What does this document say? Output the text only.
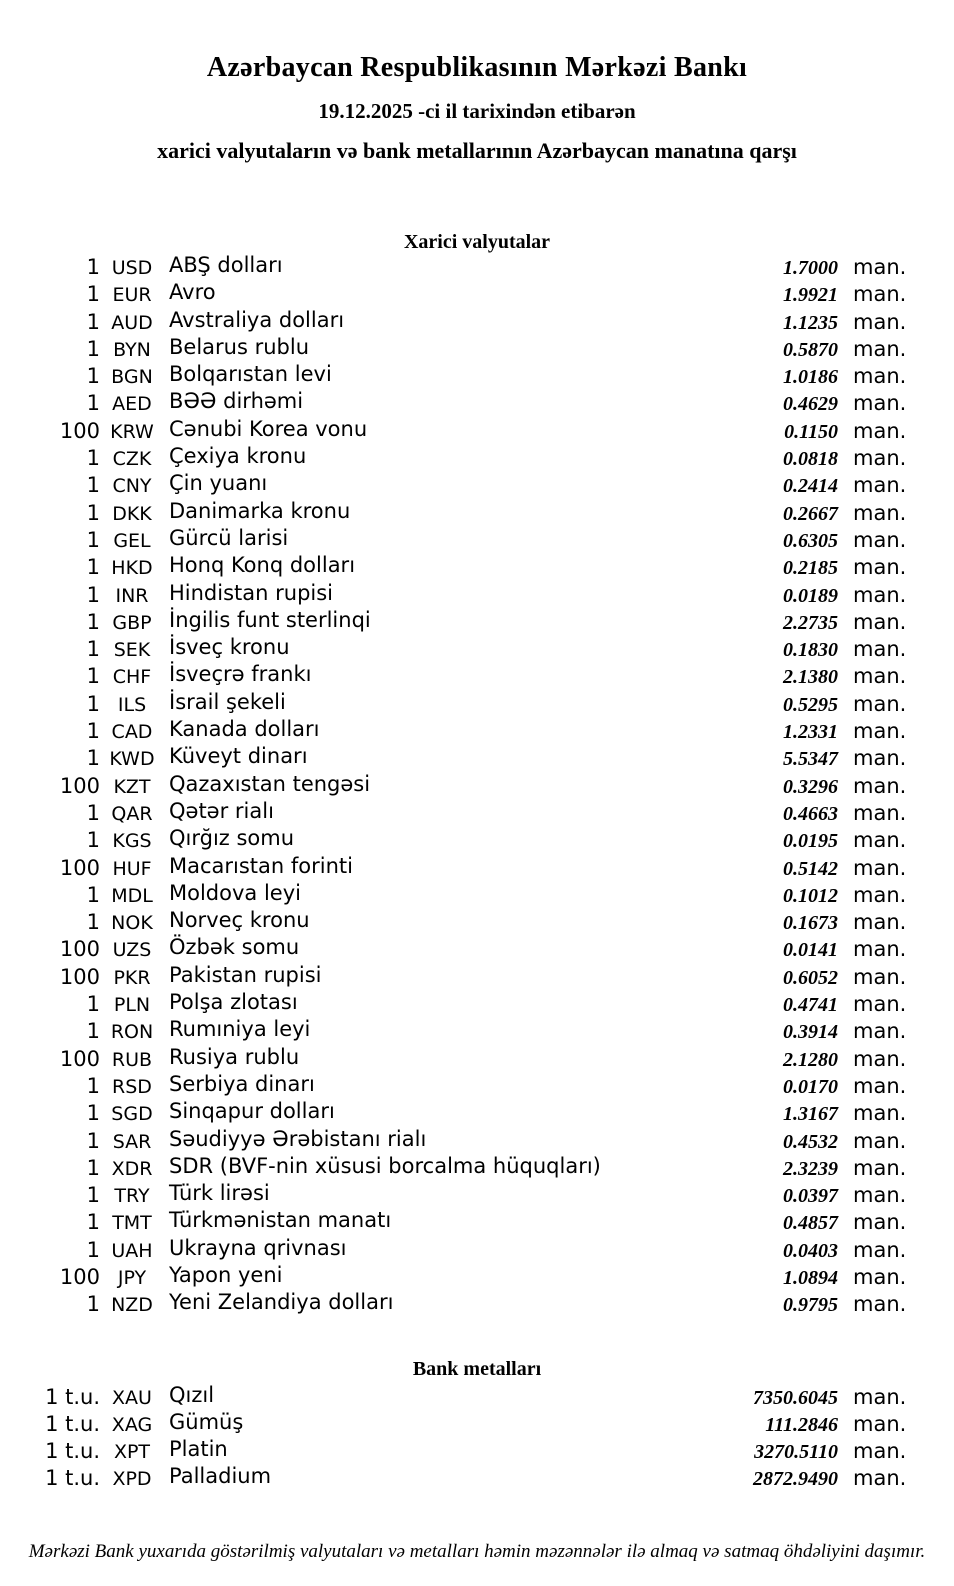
Azərbaycan Respublikasının Mərkəzi Bankı
19.12.2025 -ci il tarixindən etibarən
xarici valyutaların və bank metallarının Azərbaycan manatına qarşı
Xarici valyutalar
1 USD ABŞ dolları	1.7000 man.
1 EUR Avro	1.9921 man.
1 AUD Avstraliya dolları	1.1235 man.
1 BYN Belarus rublu	0.5870 man.
1 BGN Bolqarıstan levi	1.0186 man.
1 AED BƏƏ dirhəmi	0.4629 man.
100 KRW Cənubi Korea vonu	0.1150 man.
1 CZK Çexiya kronu	0.0818 man.
1 CNY Çin yuanı	0.2414 man.
1 DKK Danimarka kronu	0.2667 man.
1 GEL Gürcü larisi	0.6305 man.
1 HKD Honq Konq dolları	0.2185 man.
1 INR Hindistan rupisi	0.0189 man.
1 GBP İngilis funt sterlinqi	2.2735 man.
1 SEK İsveç kronu	0.1830 man.
1 CHF İsveçrə frankı	2.1380 man.
1 ILS	İsrail şekeli	0.5295 man.
1 CAD Kanada dolları	1.2331 man.
1 KWD Küveyt dinarı	5.5347 man.
100 KZT Qazaxıstan tengəsi	0.3296 man.
1 QAR Qətər rialı	0.4663 man.
1 KGS Qırğız somu	0.0195 man.
100 HUF Macarıstan forinti	0.5142 man.
1 MDL Moldova leyi	0.1012 man.
1 NOK Norveç kronu	0.1673 man.
100 UZS Özbək somu	0.0141 man.
100 PKR Pakistan rupisi	0.6052 man.
1 PLN Polşa zlotası	0.4741 man.
1 RON Rumıniya leyi	0.3914 man.
100 RUB Rusiya rublu	2.1280 man.
1 RSD Serbiya dinarı	0.0170 man.
1 SGD Sinqapur dolları	1.3167 man.
1 SAR Səudiyyə Ərəbistanı rialı	0.4532 man.
1 XDR SDR (BVF-nin xüsusi borcalma hüquqları)	2.3239 man.
1 TRY Türk lirəsi	0.0397 man.
1 TMT Türkmənistan manatı	0.4857 man.
1 UAH Ukrayna qrivnası	0.0403 man.
100 JPY	Yapon yeni	1.0894 man.
1 NZD Yeni Zelandiya dolları	0.9795 man.
Bank metalları
1 t.u. XAU Qızıl	7350.6045 man.
1 t.u. XAG Gümüş	111.2846 man.
1 t.u. XPT Platin	3270.5110 man.
1 t.u. XPD Palladium	2872.9490 man.
Mərkəzi Bank yuxarıda göstərilmiş valyutaları və metalları həmin məzənnələr ilə almaq və satmaq öhdəliyini daşımır.
